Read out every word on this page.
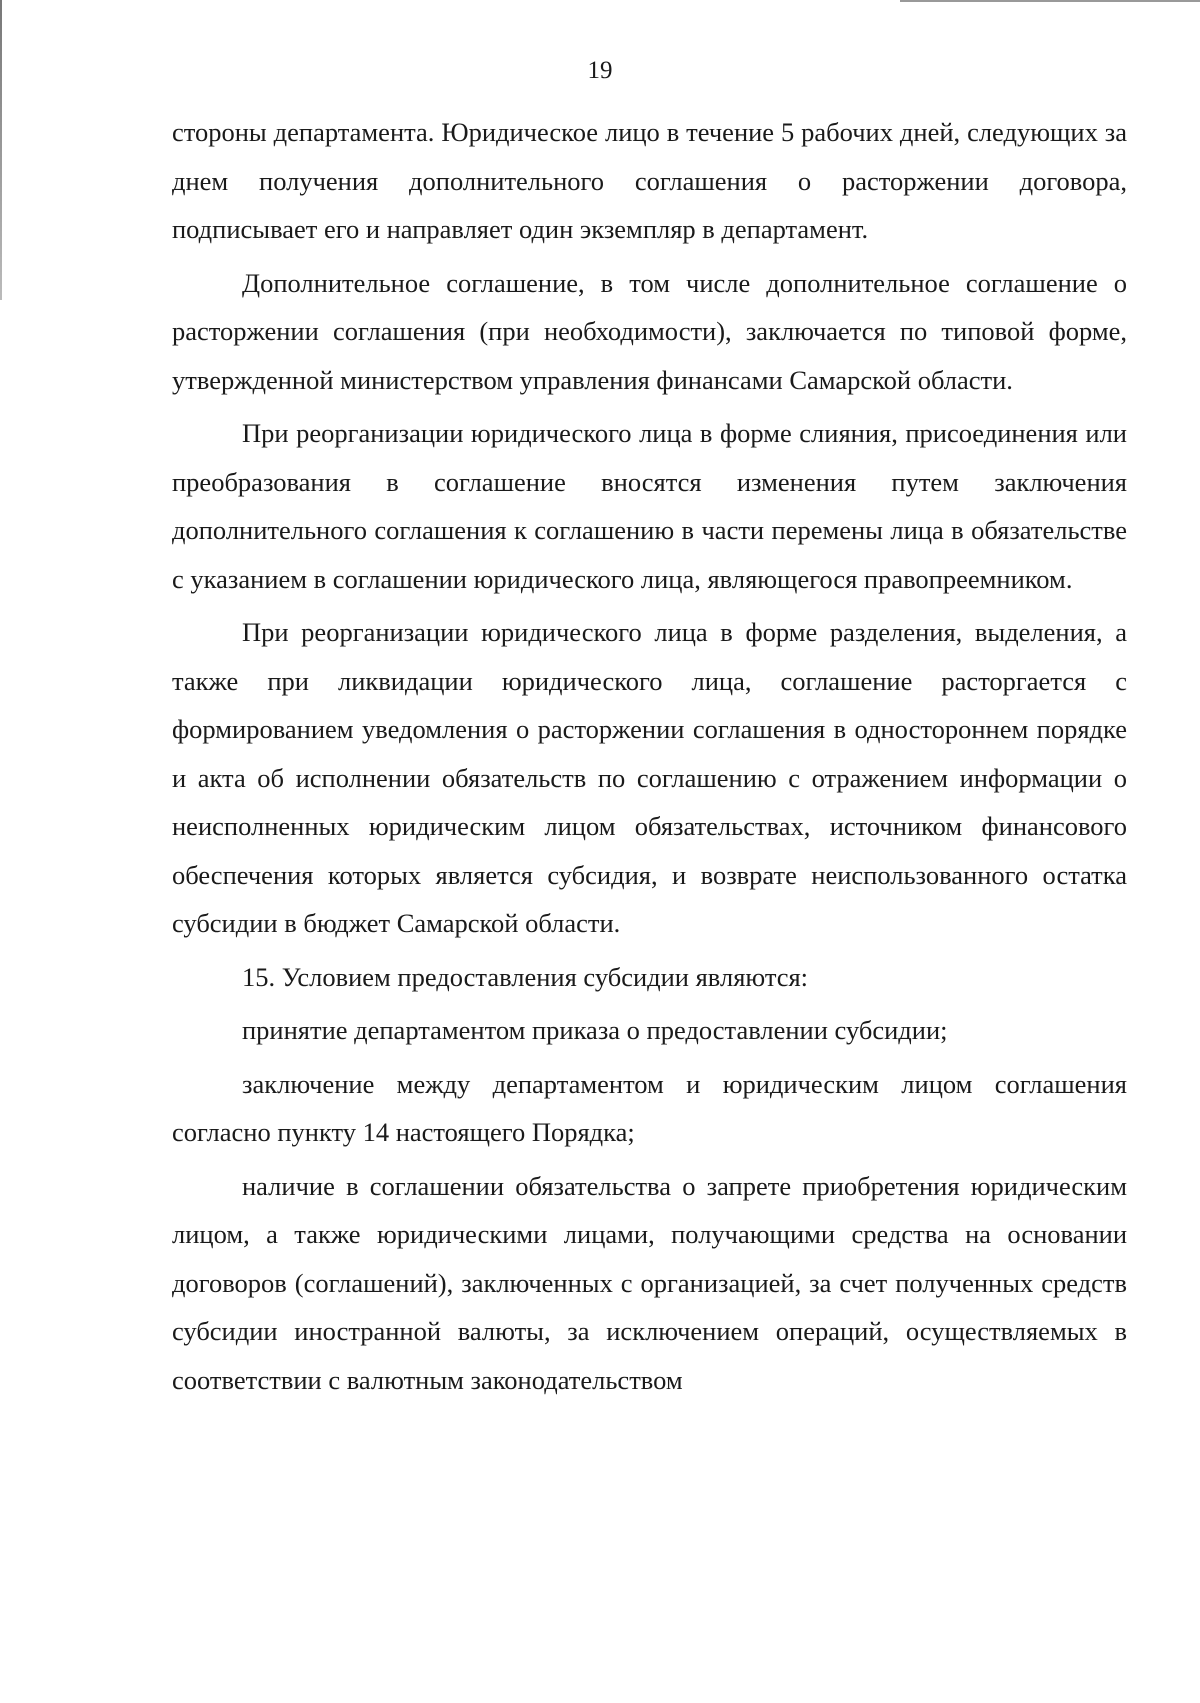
19

стороны департамента. Юридическое лицо в течение 5 рабочих дней, следующих за днем получения дополнительного соглашения о расторжении договора, подписывает его и направляет один экземпляр в департамент.

Дополнительное соглашение, в том числе дополнительное соглашение о расторжении соглашения (при необходимости), заключается по типовой форме, утвержденной министерством управления финансами Самарской области.

При реорганизации юридического лица в форме слияния, присоединения или преобразования в соглашение вносятся изменения путем заключения дополнительного соглашения к соглашению в части перемены лица в обязательстве с указанием в соглашении юридического лица, являющегося правопреемником.

При реорганизации юридического лица в форме разделения, выделения, а также при ликвидации юридического лица, соглашение расторгается с формированием уведомления о расторжении соглашения в одностороннем порядке и акта об исполнении обязательств по соглашению с отражением информации о неисполненных юридическим лицом обязательствах, источником финансового обеспечения которых является субсидия, и возврате неиспользованного остатка субсидии в бюджет Самарской области.

15. Условием предоставления субсидии являются:

принятие департаментом приказа о предоставлении субсидии;

заключение между департаментом и юридическим лицом соглашения согласно пункту 14 настоящего Порядка;

наличие в соглашении обязательства о запрете приобретения юридическим лицом, а также юридическими лицами, получающими средства на основании договоров (соглашений), заключенных с организацией, за счет полученных средств субсидии иностранной валюты, за исключением операций, осуществляемых в соответствии с валютным законодательством
